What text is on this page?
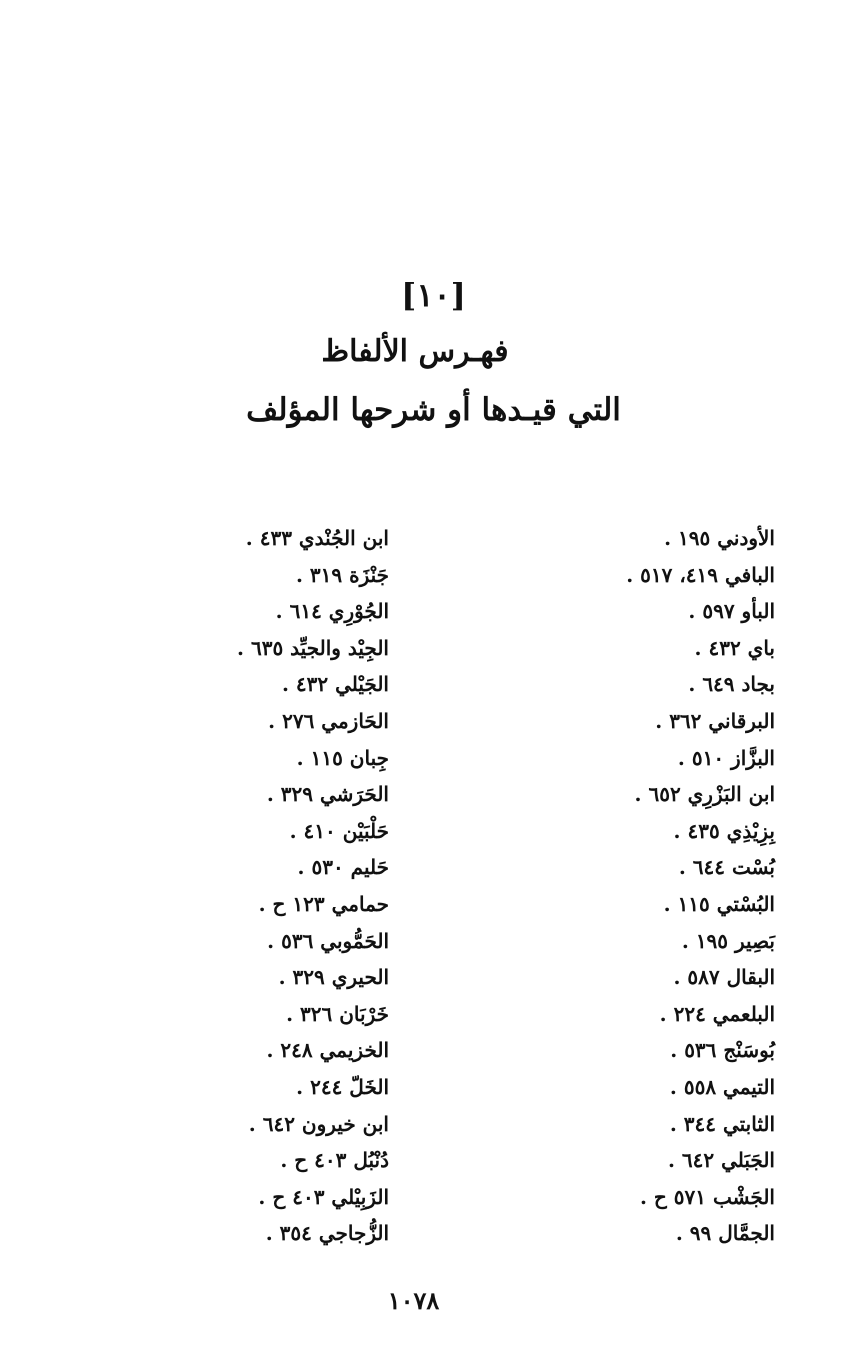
[١٠]
فهـرس الألفاظ
التي قيـدها أو شرحها المؤلف
الأودني ١٩٥ .
البافي ٤١٩، ٥١٧ .
البأو ٥٩٧ .
باي ٤٣٢ .
بجاد ٦٤٩ .
البرقاني ٣٦٢ .
البزَّاز ٥١٠ .
ابن البَزْرِي ٦٥٢ .
بِزِيْذِي ٤٣٥ .
بُسْت ٦٤٤ .
البُسْتي ١١٥ .
بَصِير ١٩٥ .
البقال ٥٨٧ .
البلعمي ٢٢٤ .
بُوسَنْج ٥٣٦ .
التيمي ٥٥٨ .
الثابتي ٣٤٤ .
الجَبَلي ٦٤٢ .
الجَشْب ٥٧١ ح .
الجمَّال ٩٩ .
ابن الجُنْدي ٤٣٣ .
جَنْزَة ٣١٩ .
الجُوْرِي ٦١٤ .
الجِيْد والجيِّد ٦٣٥ .
الجَيْلي ٤٣٢ .
الحَازمي ٢٧٦ .
جِبان ١١٥ .
الحَرَشي ٣٢٩ .
حَلْبَيْن ٤١٠ .
حَليم ٥٣٠ .
حمامي ١٢٣ ح .
الحَمُّوبي ٥٣٦ .
الحيري ٣٢٩ .
خَرْبَان ٣٢٦ .
الخزيمي ٢٤٨ .
الخَلّ ٢٤٤ .
ابن خيرون ٦٤٢ .
دُنْبُل ٤٠٣ ح .
الزَبِيْلي ٤٠٣ ح .
الزُّجاجي ٣٥٤ .
١٠٧٨
